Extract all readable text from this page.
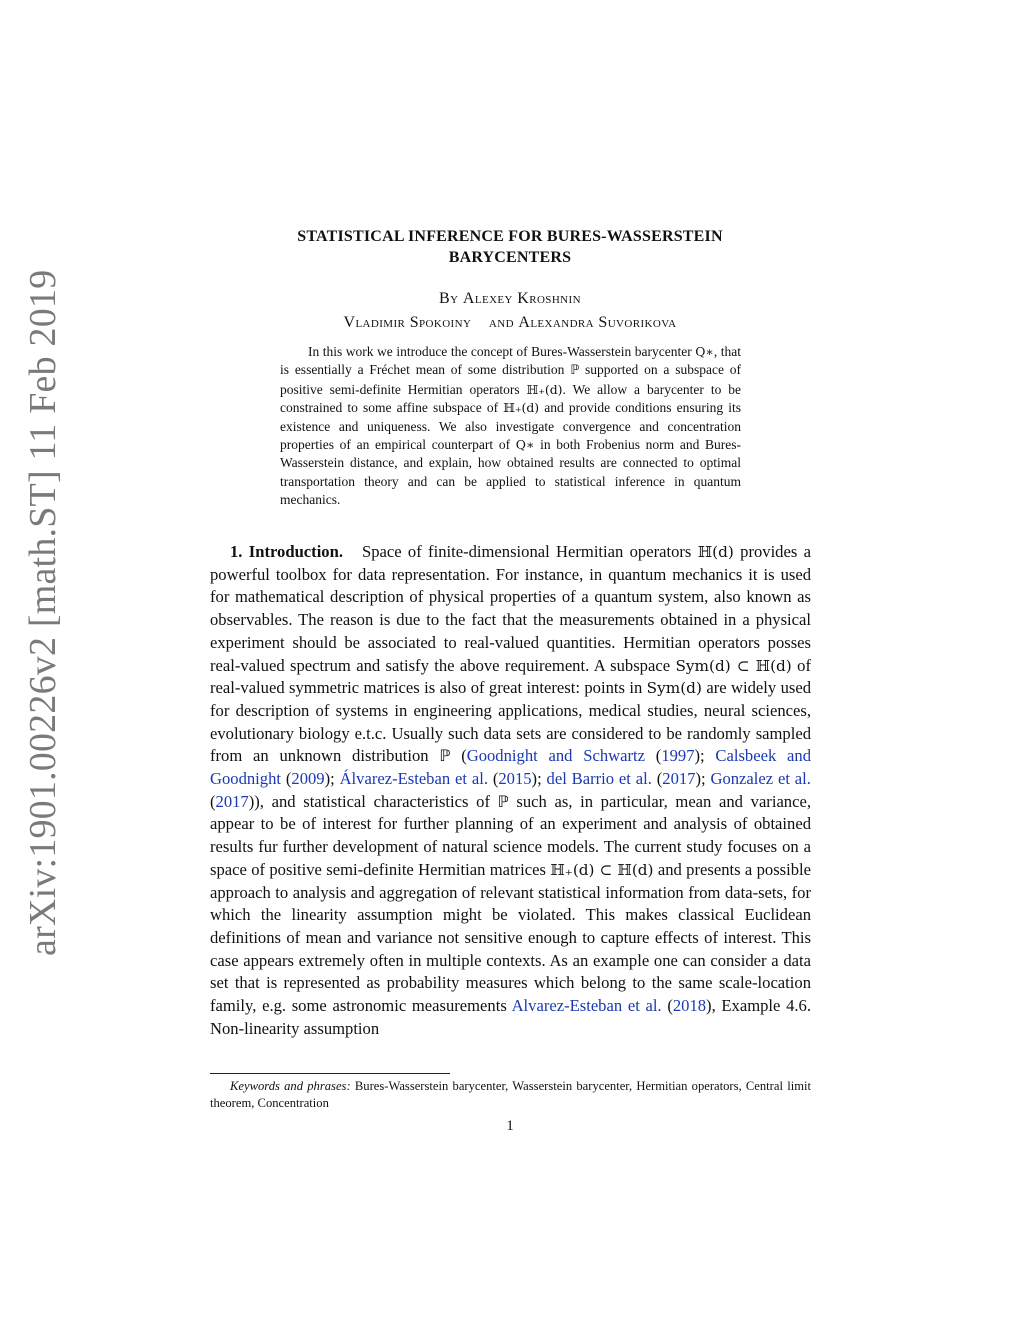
arXiv:1901.00226v2 [math.ST] 11 Feb 2019
STATISTICAL INFERENCE FOR BURES-WASSERSTEIN
BARYCENTERS
By Alexey Kroshnin
Vladimir Spokoiny and Alexandra Suvorikova
In this work we introduce the concept of Bures-Wasserstein barycenter Q∗, that is essentially a Fréchet mean of some distribution ℙ supported on a subspace of positive semi-definite Hermitian operators ℍ₊(d). We allow a barycenter to be constrained to some affine subspace of ℍ₊(d) and provide conditions ensuring its existence and uniqueness. We also investigate convergence and concentration properties of an empirical counterpart of Q∗ in both Frobenius norm and Bures-Wasserstein distance, and explain, how obtained results are connected to optimal transportation theory and can be applied to statistical inference in quantum mechanics.
1. Introduction. Space of finite-dimensional Hermitian operators ℍ(d) provides a powerful toolbox for data representation. For instance, in quantum mechanics it is used for mathematical description of physical properties of a quantum system, also known as observables. The reason is due to the fact that the measurements obtained in a physical experiment should be associated to real-valued quantities. Hermitian operators posses real-valued spectrum and satisfy the above requirement. A subspace Sym(d) ⊂ ℍ(d) of real-valued symmetric matrices is also of great interest: points in Sym(d) are widely used for description of systems in engineering applications, medical studies, neural sciences, evolutionary biology e.t.c. Usually such data sets are considered to be randomly sampled from an unknown distribution ℙ (Goodnight and Schwartz (1997); Calsbeek and Goodnight (2009); Álvarez-Esteban et al. (2015); del Barrio et al. (2017); Gonzalez et al. (2017)), and statistical characteristics of ℙ such as, in particular, mean and variance, appear to be of interest for further planning of an experiment and analysis of obtained results fur further development of natural science models. The current study focuses on a space of positive semi-definite Hermitian matrices ℍ₊(d) ⊂ ℍ(d) and presents a possible approach to analysis and aggregation of relevant statistical information from data-sets, for which the linearity assumption might be violated. This makes classical Euclidean definitions of mean and variance not sensitive enough to capture effects of interest. This case appears extremely often in multiple contexts. As an example one can consider a data set that is represented as probability measures which belong to the same scale-location family, e.g. some astronomic measurements Alvarez-Esteban et al. (2018), Example 4.6. Non-linearity assumption
Keywords and phrases: Bures-Wasserstein barycenter, Wasserstein barycenter, Hermitian operators, Central limit theorem, Concentration
1
